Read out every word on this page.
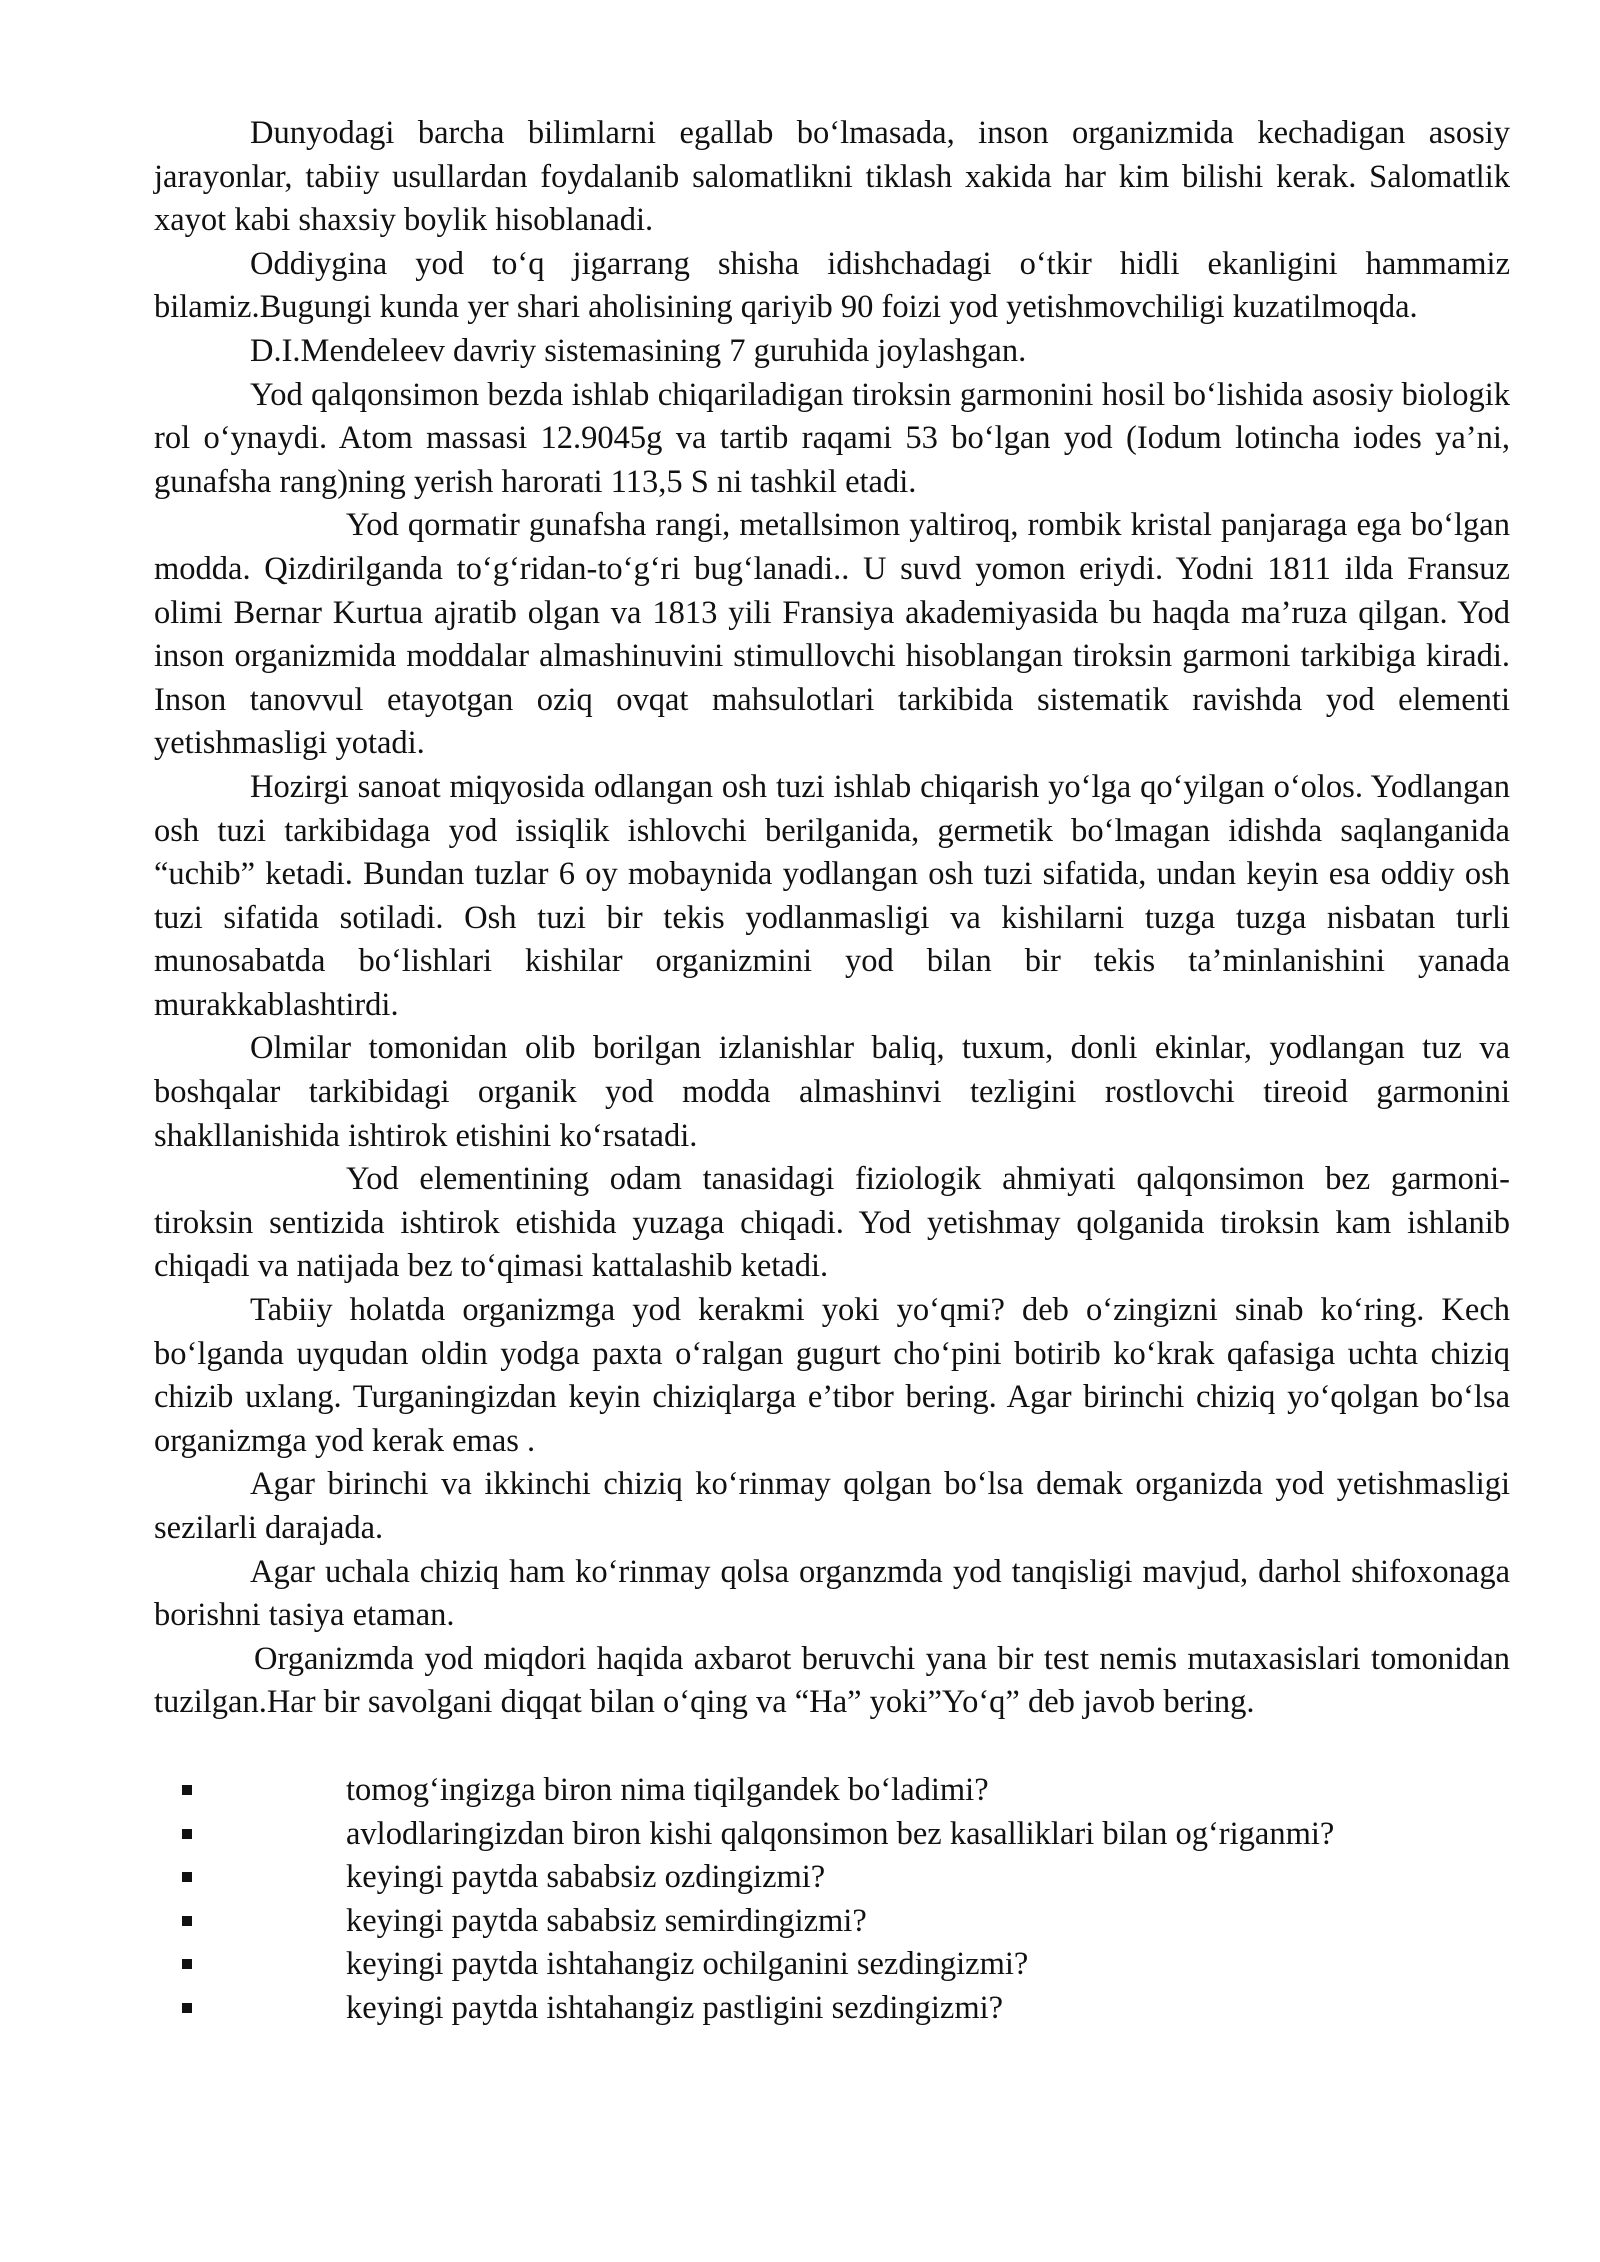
Dunyodagi barcha bilimlarni egallab bo‘lmasada, inson organizmida kechadigan asosiy jarayonlar, tabiiy usullardan foydalanib salomatlikni tiklash xakida har kim bilishi kerak. Salomatlik xayot kabi shaxsiy boylik hisoblanadi.

Oddiygina yod to‘q jigarrang shisha idishchadagi o‘tkir hidli ekanligini hammamiz bilamiz.Bugungi kunda yer shari aholisining qariyib 90 foizi yod yetishmovchiligi kuzatilmoqda.

D.I.Mendeleev davriy sistemasining 7 guruhida joylashgan.

Yod qalqonsimon bezda ishlab chiqariladigan tiroksin garmonini hosil bo‘lishida asosiy biologik rol o‘ynaydi. Atom massasi 12.9045g va tartib raqami 53 bo‘lgan yod (Iodum lotincha iodes ya’ni, gunafsha rang)ning yerish harorati 113,5 S ni tashkil etadi.

Yod qormatir gunafsha rangi, metallsimon yaltiroq, rombik kristal panjaraga ega bo‘lgan modda. Qizdirilganda to‘g‘ridan-to‘g‘ri bug‘lanadi.. U suvd yomon eriydi. Yodni 1811 ilda Fransuz olimi Bernar Kurtua ajratib olgan va 1813 yili Fransiya akademiyasida bu haqda ma’ruza qilgan. Yod inson organizmida moddalar almashinuvini stimullovchi hisoblangan tiroksin garmoni tarkibiga kiradi. Inson tanovvul etayotgan oziq ovqat mahsulotlari tarkibida sistematik ravishda yod elementi yetishmasligi yotadi.

Hozirgi sanoat miqyosida odlangan osh tuzi ishlab chiqarish yo‘lga qo‘yilgan o‘olos. Yodlangan osh tuzi tarkibidaga yod issiqlik ishlovchi berilganida, germetik bo‘lmagan idishda saqlanganida “uchib” ketadi. Bundan tuzlar 6 oy mobaynida yodlangan osh tuzi sifatida, undan keyin esa oddiy osh tuzi sifatida sotiladi. Osh tuzi bir tekis yodlanmasligi va kishilarni tuzga tuzga nisbatan turli munosabatda bo‘lishlari kishilar organizmini yod bilan bir tekis ta’minlanishini yanada murakkablashtirdi.

Olmilar tomonidan olib borilgan izlanishlar baliq, tuxum, donli ekinlar, yodlangan tuz va boshqalar tarkibidagi organik yod modda almashinvi tezligini rostlovchi tireoid garmonini shakllanishida ishtirok etishini ko‘rsatadi.

Yod elementining odam tanasidagi fiziologik ahmiyati qalqonsimon bez garmoni- tiroksin sentizida ishtirok etishida yuzaga chiqadi. Yod yetishmay qolganida tiroksin kam ishlanib chiqadi va natijada bez to‘qimasi kattalashib ketadi.

Tabiiy holatda organizmga yod kerakmi yoki yo‘qmi? deb o‘zingizni sinab ko‘ring. Kech bo‘lganda uyqudan oldin yodga paxta o‘ralgan gugurt cho‘pini botirib ko‘krak qafasiga uchta chiziq chizib uxlang. Turganingizdan keyin chiziqlarga e’tibor bering. Agar birinchi chiziq yo‘qolgan bo‘lsa organizmga yod kerak emas .

Agar birinchi va ikkinchi chiziq ko‘rinmay qolgan bo‘lsa demak organizda yod yetishmasligi sezilarli darajada.

Agar uchala chiziq ham ko‘rinmay qolsa organzmda yod tanqisligi mavjud, darhol shifoxonaga borishni tasiya etaman.

Organizmda yod miqdori haqida axbarot beruvchi yana bir test nemis mutaxasislari tomonidan tuzilgan.Har bir savolgani diqqat bilan o‘qing va “Ha” yoki”Yo‘q” deb javob bering.

tomog‘ingizga biron nima tiqilgandek bo‘ladimi?
avlodlaringizdan biron kishi qalqonsimon bez kasalliklari bilan og‘riganmi?
keyingi paytda sababsiz ozdingizmi?
keyingi paytda sababsiz semirdingizmi?
keyingi paytda ishtahangiz ochilganini sezdingizmi?
keyingi paytda ishtahangiz pastligini sezdingizmi?
